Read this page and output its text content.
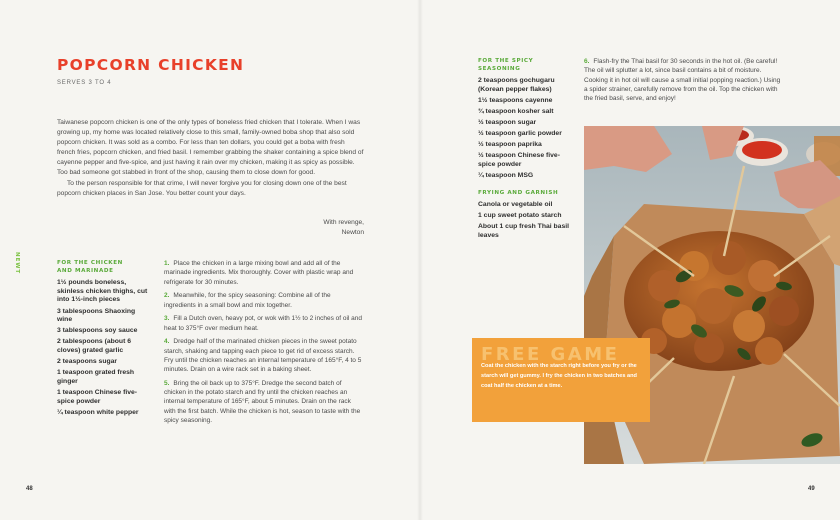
POPCORN CHICKEN
SERVES 3 TO 4

Taiwanese popcorn chicken is one of the only types of boneless fried chicken that I tolerate. When I was growing up, my home was located relatively close to this small, family-owned boba shop that also sold popcorn chicken. It was sold as a combo. For less than ten dollars, you could get a boba with fresh french fries, popcorn chicken, and fried basil. I remember grabbing the shaker containing a spice blend of cayenne pepper and five-spice, and just having it rain over my chicken, making it as spicy as possible. Too bad someone got stabbed in front of the shop, causing them to close down for good.

To the person responsible for that crime, I will never forgive you for closing down one of the best popcorn chicken places in San Jose. You better count your days.

With revenge,
Newton
NEWT	FOR THE CHICKEN AND MARINADE
1½ pounds boneless, skinless chicken thighs, cut into 1½-inch pieces
3 tablespoons Shaoxing wine
3 tablespoons soy sauce
2 tablespoons (about 6 cloves) grated garlic
2 teaspoons sugar
1 teaspoon grated fresh ginger
1 teaspoon Chinese five-spice powder
¼ teaspoon white pepper
1. Place the chicken in a large mixing bowl and add all of the marinade ingredients. Mix thoroughly. Cover with plastic wrap and refrigerate for 30 minutes.
2. Meanwhile, for the spicy seasoning: Combine all of the ingredients in a small bowl and mix together.
3. Fill a Dutch oven, heavy pot, or wok with 1½ to 2 inches of oil and heat to 375°F over medium heat.
4. Dredge half of the marinated chicken pieces in the sweet potato starch, shaking and tapping each piece to get rid of excess starch. Fry until the chicken reaches an internal temperature of 165°F, 4 to 5 minutes. Drain on a wire rack set in a baking sheet.
5. Bring the oil back up to 375°F. Dredge the second batch of chicken in the potato starch and fry until the chicken reaches an internal temperature of 165°F, about 5 minutes. Drain on the rack with the first batch. While the chicken is hot, season to taste with the spicy seasoning.
48
FOR THE SPICY SEASONING
2 teaspoons gochugaru (Korean pepper flakes)
1½ teaspoons cayenne
¾ teaspoon kosher salt
½ teaspoon sugar
½ teaspoon garlic powder
½ teaspoon paprika
½ teaspoon Chinese five-spice powder
¼ teaspoon MSG
FRYING AND GARNISH
Canola or vegetable oil
1 cup sweet potato starch
About 1 cup fresh Thai basil leaves
6. Flash-fry the Thai basil for 30 seconds in the hot oil. (Be careful! The oil will splutter a lot, since basil contains a bit of moisture. Cooking it in hot oil will cause a small initial popping reaction.) Using a spider strainer, carefully remove from the oil. Top the chicken with the fried basil, serve, and enjoy!
FREE GAME
Coat the chicken with the starch right before you fry or the starch will get gummy. I fry the chicken in two batches and coat half the chicken at a time.
49
